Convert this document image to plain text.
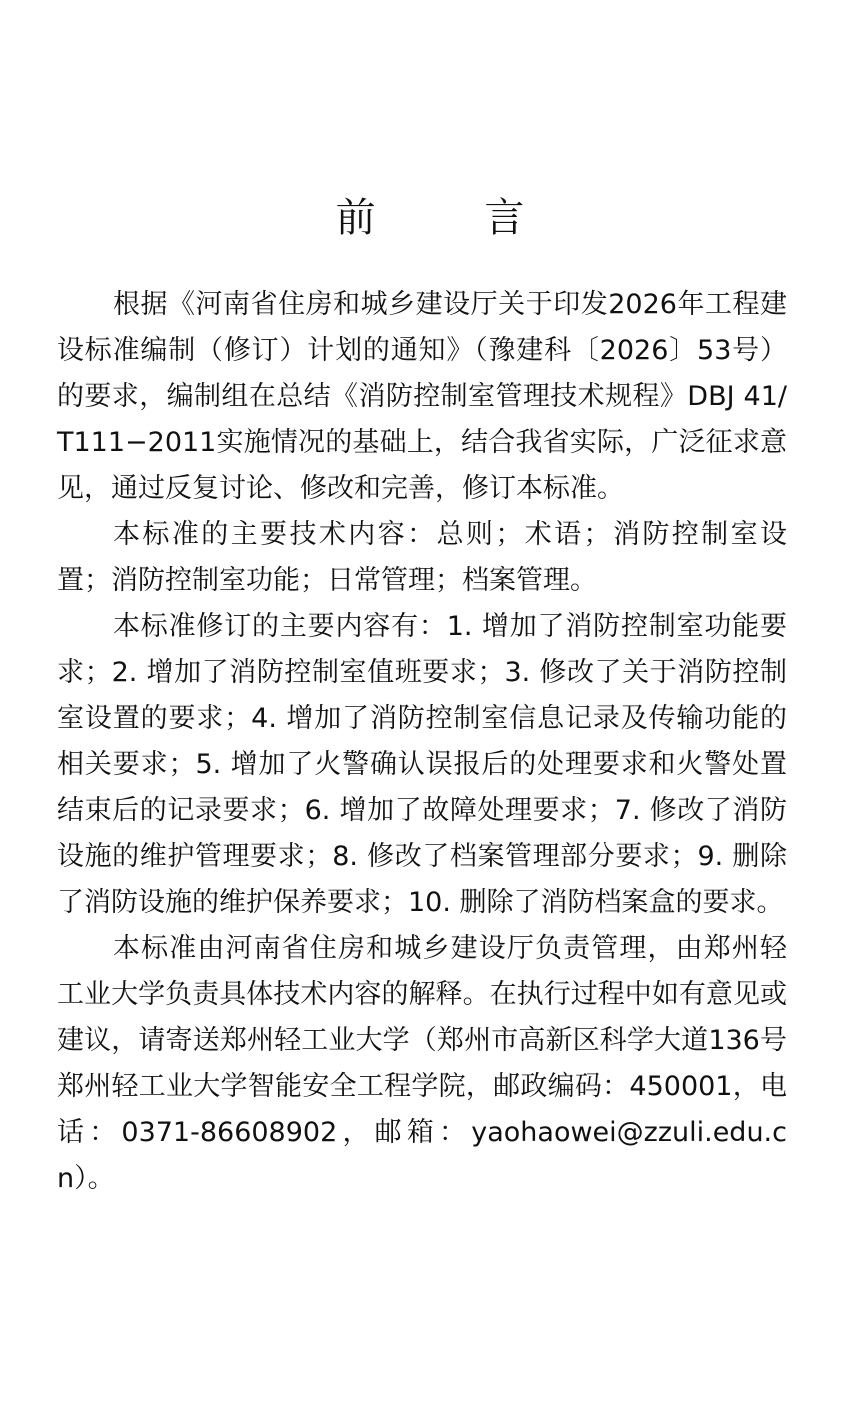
前 言

根据《河南省住房和城乡建设厅关于印发2026年工程建设标准编制（修订）计划的通知》（豫建科〔2026〕53号）的要求，编制组在总结《消防控制室管理技术规程》DBJ 41/T111−2011实施情况的基础上，结合我省实际，广泛征求意见，通过反复讨论、修改和完善，修订本标准。

本标准的主要技术内容：总则；术语；消防控制室设置；消防控制室功能；日常管理；档案管理。

本标准修订的主要内容有：1. 增加了消防控制室功能要求；2. 增加了消防控制室值班要求；3. 修改了关于消防控制室设置的要求；4. 增加了消防控制室信息记录及传输功能的相关要求；5. 增加了火警确认误报后的处理要求和火警处置结束后的记录要求；6. 增加了故障处理要求；7. 修改了消防设施的维护管理要求；8. 修改了档案管理部分要求；9. 删除了消防设施的维护保养要求；10. 删除了消防档案盒的要求。

本标准由河南省住房和城乡建设厅负责管理，由郑州轻工业大学负责具体技术内容的解释。在执行过程中如有意见或建议，请寄送郑州轻工业大学（郑州市高新区科学大道136号郑州轻工业大学智能安全工程学院，邮政编码：450001，电话：0371-86608902，邮箱：yaohaowei@zzuli.edu.cn）。
